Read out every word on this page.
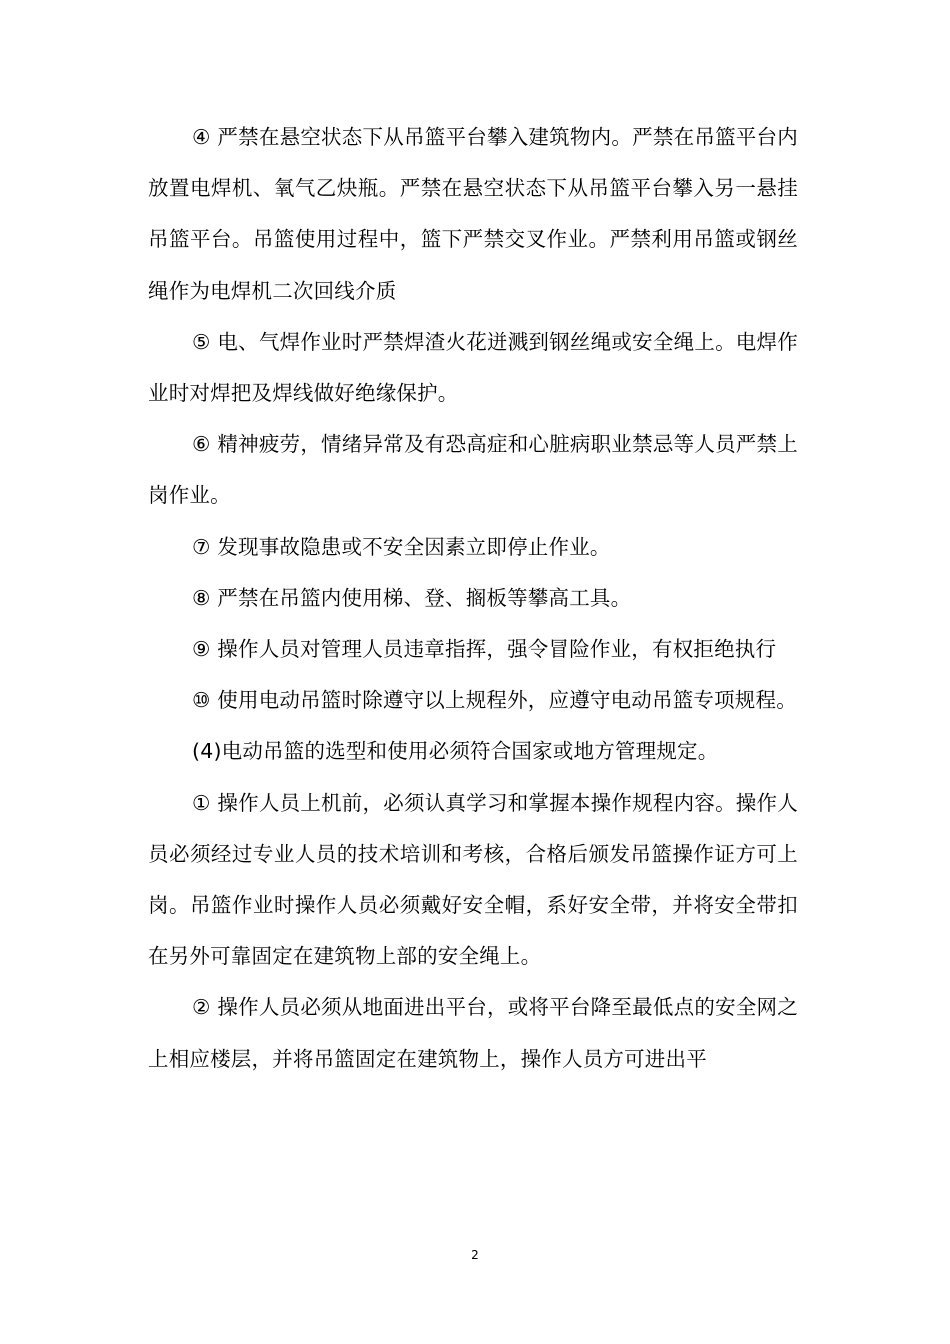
④ 严禁在悬空状态下从吊篮平台攀入建筑物内。严禁在吊篮平台内放置电焊机、氧气乙炔瓶。严禁在悬空状态下从吊篮平台攀入另一悬挂吊篮平台。吊篮使用过程中，篮下严禁交叉作业。严禁利用吊篮或钢丝绳作为电焊机二次回线介质

⑤ 电、气焊作业时严禁焊渣火花迸溅到钢丝绳或安全绳上。电焊作业时对焊把及焊线做好绝缘保护。

⑥ 精神疲劳，情绪异常及有恐高症和心脏病职业禁忌等人员严禁上岗作业。

⑦ 发现事故隐患或不安全因素立即停止作业。

⑧ 严禁在吊篮内使用梯、登、搁板等攀高工具。

⑨ 操作人员对管理人员违章指挥，强令冒险作业，有权拒绝执行

⑩ 使用电动吊篮时除遵守以上规程外，应遵守电动吊篮专项规程。

(4)电动吊篮的选型和使用必须符合国家或地方管理规定。

① 操作人员上机前，必须认真学习和掌握本操作规程内容。操作人员必须经过专业人员的技术培训和考核，合格后颁发吊篮操作证方可上岗。吊篮作业时操作人员必须戴好安全帽，系好安全带，并将安全带扣在另外可靠固定在建筑物上部的安全绳上。

② 操作人员必须从地面进出平台，或将平台降至最低点的安全网之上相应楼层，并将吊篮固定在建筑物上，操作人员方可进出平

2
